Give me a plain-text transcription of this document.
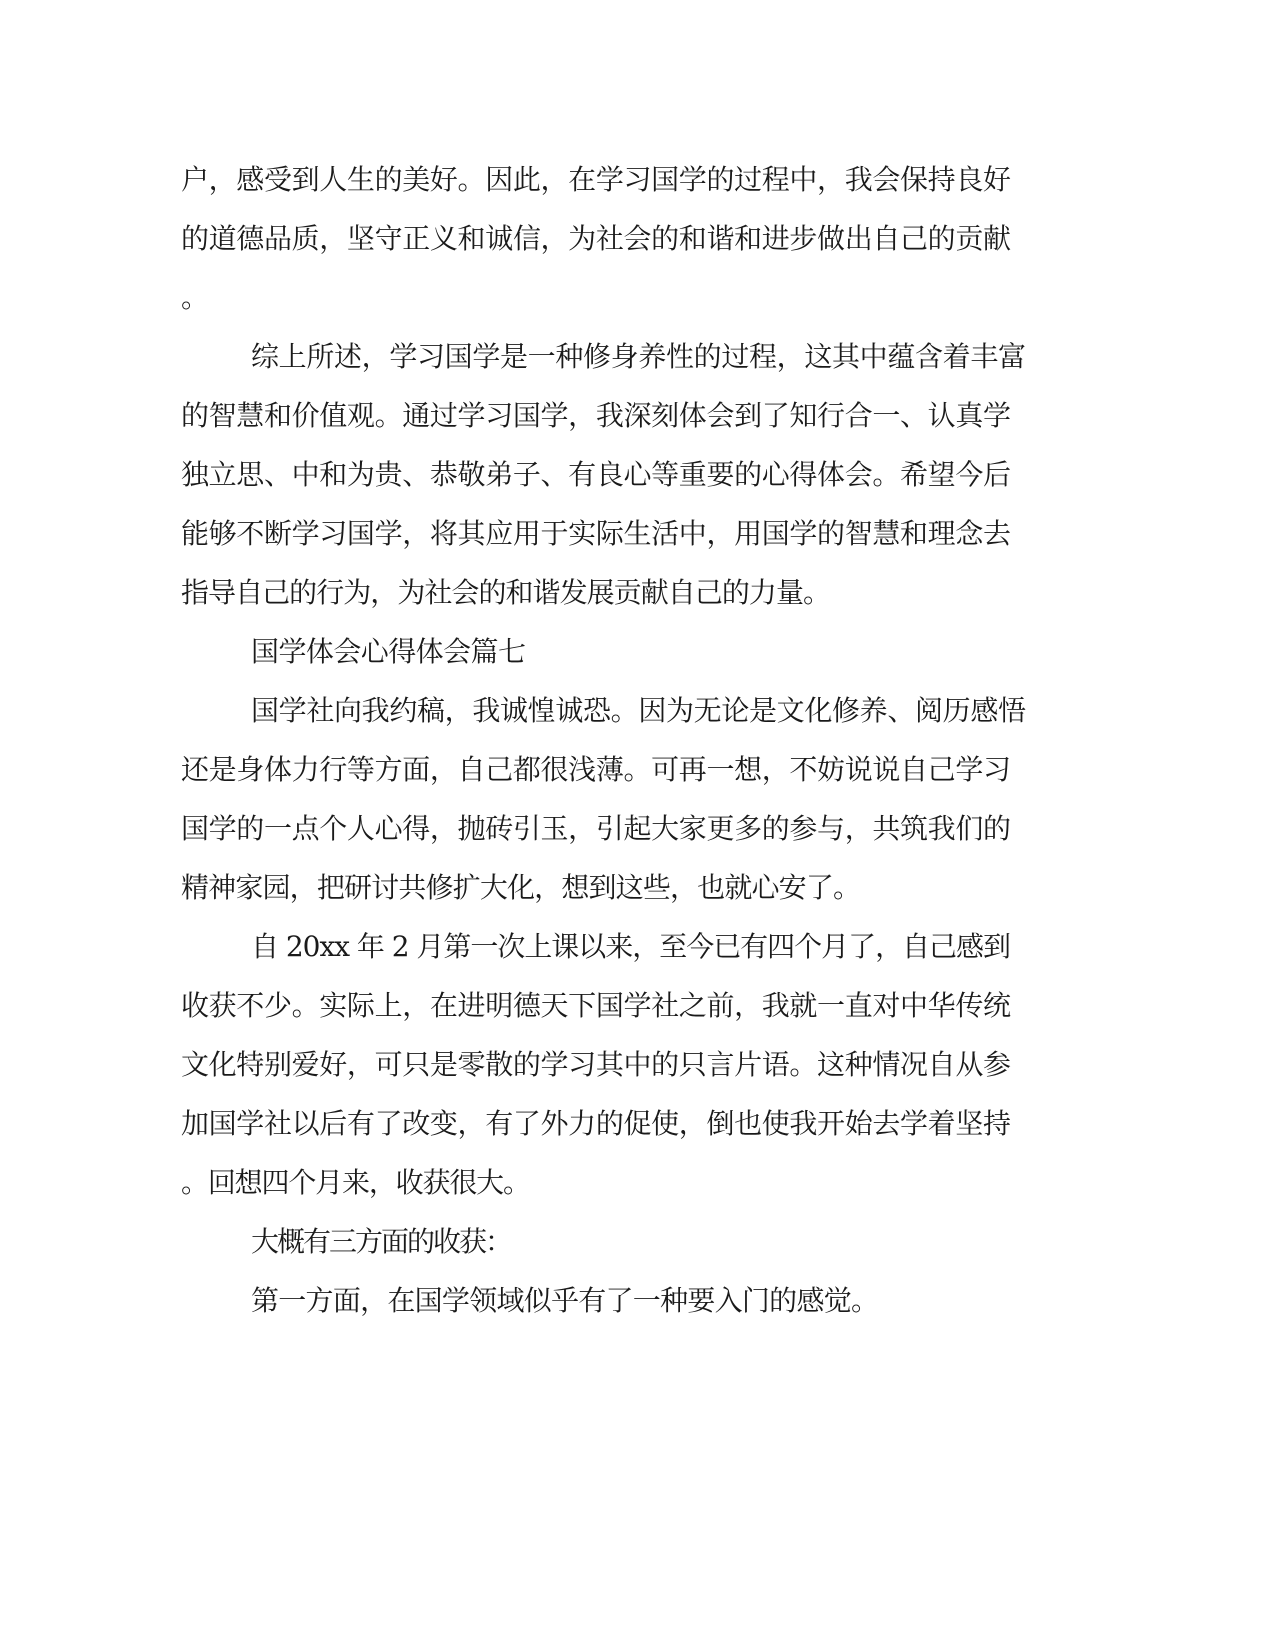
户，感受到人生的美好。因此，在学习国学的过程中，我会保持良好

的道德品质，坚守正义和诚信，为社会的和谐和进步做出自己的贡献

。

综上所述，学习国学是一种修身养性的过程，这其中蕴含着丰富

的智慧和价值观。通过学习国学，我深刻体会到了知行合一、认真学

独立思、中和为贵、恭敬弟子、有良心等重要的心得体会。希望今后

能够不断学习国学，将其应用于实际生活中，用国学的智慧和理念去

指导自己的行为，为社会的和谐发展贡献自己的力量。

国学体会心得体会篇七

国学社向我约稿，我诚惶诚恐。因为无论是文化修养、阅历感悟

还是身体力行等方面，自己都很浅薄。可再一想，不妨说说自己学习

国学的一点个人心得，抛砖引玉，引起大家更多的参与，共筑我们的

精神家园，把研讨共修扩大化，想到这些，也就心安了。

自 20xx 年 2 月第一次上课以来，至今已有四个月了，自己感到

收获不少。实际上，在进明德天下国学社之前，我就一直对中华传统

文化特别爱好，可只是零散的学习其中的只言片语。这种情况自从参

加国学社以后有了改变，有了外力的促使，倒也使我开始去学着坚持

。回想四个月来，收获很大。

大概有三方面的收获：

第一方面，在国学领域似乎有了一种要入门的感觉。
